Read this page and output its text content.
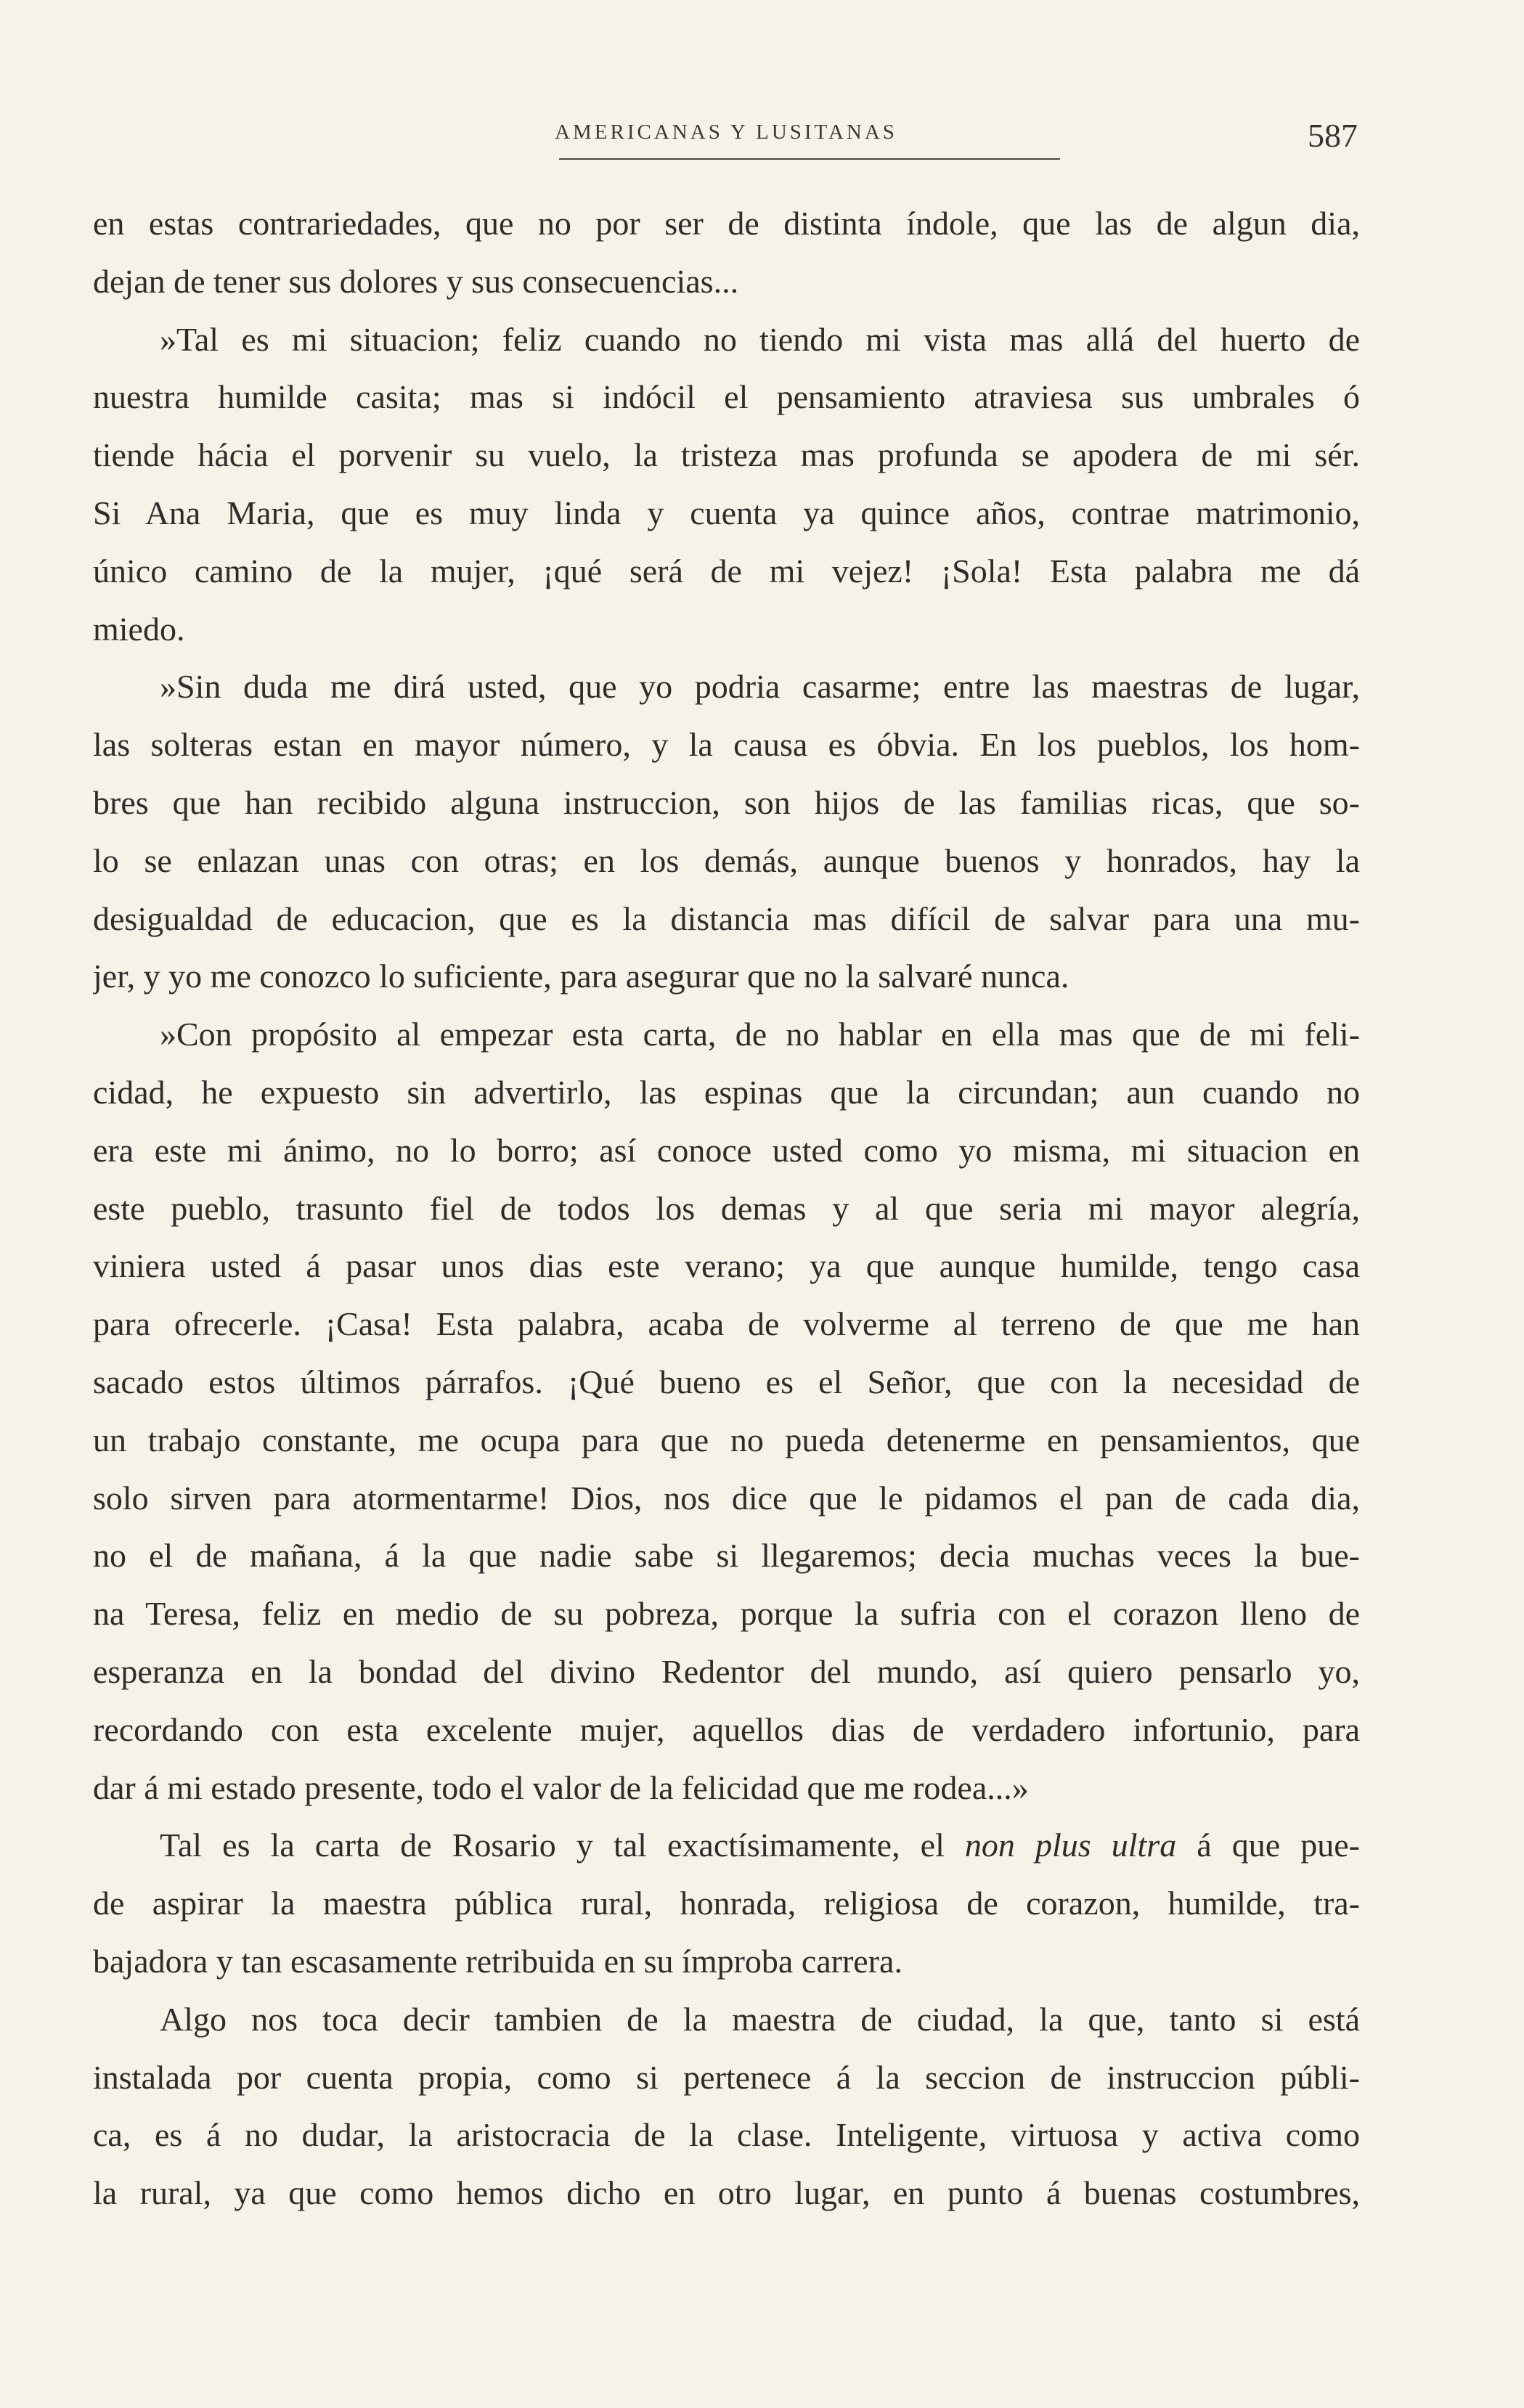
AMERICANAS Y LUSITANAS	587
en estas contrariedades, que no por ser de distinta índole, que las de algun dia,
dejan de tener sus dolores y sus consecuencias...
»Tal es mi situacion; feliz cuando no tiendo mi vista mas allá del huerto de
nuestra humilde casita; mas si indócil el pensamiento atraviesa sus umbrales ó
tiende hácia el porvenir su vuelo, la tristeza mas profunda se apodera de mi sér.
Si Ana Maria, que es muy linda y cuenta ya quince años, contrae matrimonio,
único camino de la mujer, ¡qué será de mi vejez! ¡Sola! Esta palabra me dá
miedo.
»Sin duda me dirá usted, que yo podria casarme; entre las maestras de lugar,
las solteras estan en mayor número, y la causa es óbvia. En los pueblos, los hom-
bres que han recibido alguna instruccion, son hijos de las familias ricas, que so-
lo se enlazan unas con otras; en los demás, aunque buenos y honrados, hay la
desigualdad de educacion, que es la distancia mas difícil de salvar para una mu-
jer, y yo me conozco lo suficiente, para asegurar que no la salvaré nunca.
»Con propósito al empezar esta carta, de no hablar en ella mas que de mi feli-
cidad, he expuesto sin advertirlo, las espinas que la circundan; aun cuando no
era este mi ánimo, no lo borro; así conoce usted como yo misma, mi situacion en
este pueblo, trasunto fiel de todos los demas y al que seria mi mayor alegría,
viniera usted á pasar unos dias este verano; ya que aunque humilde, tengo casa
para ofrecerle. ¡Casa! Esta palabra, acaba de volverme al terreno de que me han
sacado estos últimos párrafos. ¡Qué bueno es el Señor, que con la necesidad de
un trabajo constante, me ocupa para que no pueda detenerme en pensamientos, que
solo sirven para atormentarme! Dios, nos dice que le pidamos el pan de cada dia,
no el de mañana, á la que nadie sabe si llegaremos; decia muchas veces la bue-
na Teresa, feliz en medio de su pobreza, porque la sufria con el corazon lleno de
esperanza en la bondad del divino Redentor del mundo, así quiero pensarlo yo,
recordando con esta excelente mujer, aquellos dias de verdadero infortunio, para
dar á mi estado presente, todo el valor de la felicidad que me rodea...»
Tal es la carta de Rosario y tal exactísimamente, el non plus ultra á que pue-
de aspirar la maestra pública rural, honrada, religiosa de corazon, humilde, tra-
bajadora y tan escasamente retribuida en su ímproba carrera.
Algo nos toca decir tambien de la maestra de ciudad, la que, tanto si está
instalada por cuenta propia, como si pertenece á la seccion de instruccion públi-
ca, es á no dudar, la aristocracia de la clase. Inteligente, virtuosa y activa como
la rural, ya que como hemos dicho en otro lugar, en punto á buenas costumbres,
